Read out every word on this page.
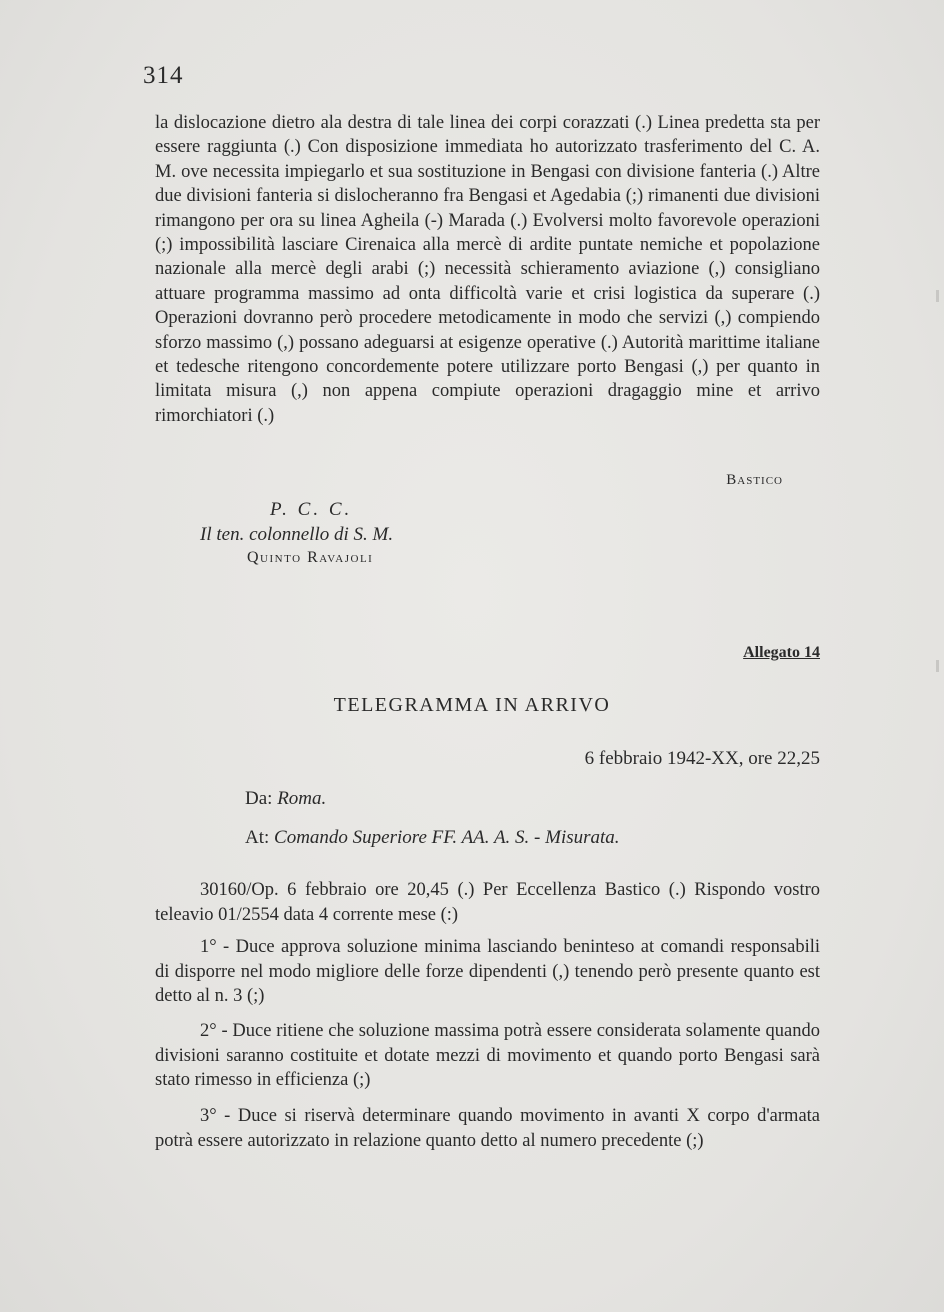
314

la dislocazione dietro ala destra di tale linea dei corpi corazzati (.) Linea predetta sta per essere raggiunta (.) Con disposizione immediata ho autorizzato trasferimento del C. A. M. ove necessita impiegarlo et sua sostituzione in Bengasi con divisione fanteria (.) Altre due divisioni fanteria si dislocheranno fra Bengasi et Agedabia (;) rimanenti due divisioni rimangono per ora su linea Agheila (-) Marada (.) Evolversi molto favorevole operazioni (;) impossibilità lasciare Cirenaica alla mercè di ardite puntate nemiche et popolazione nazionale alla mercè degli arabi (;) necessità schieramento aviazione (,) consigliano attuare programma massimo ad onta difficoltà varie et crisi logistica da superare (.) Operazioni dovranno però procedere metodicamente in modo che servizi (,) compiendo sforzo massimo (,) possano adeguarsi at esigenze operative (.) Autorità marittime italiane et tedesche ritengono concordemente potere utilizzare porto Bengasi (,) per quanto in limitata misura (,) non appena compiute operazioni dragaggio mine et arrivo rimorchiatori (.)

Bastico
P. C. C.
Il ten. colonnello di S. M.
Quinto Ravajoli
Allegato 14
TELEGRAMMA IN ARRIVO
6 febbraio 1942-XX, ore 22,25
Da: Roma.
At: Comando Superiore FF. AA. A. S. - Misurata.

30160/Op. 6 febbraio ore 20,45 (.) Per Eccellenza Bastico (.) Rispondo vostro teleavio 01/2554 data 4 corrente mese (:)

1° - Duce approva soluzione minima lasciando beninteso at comandi responsabili di disporre nel modo migliore delle forze dipendenti (,) tenendo però presente quanto est detto al n. 3 (;)

2° - Duce ritiene che soluzione massima potrà essere considerata solamente quando divisioni saranno costituite et dotate mezzi di movimento et quando porto Bengasi sarà stato rimesso in efficienza (;)

3° - Duce si riservà determinare quando movimento in avanti X corpo d'armata potrà essere autorizzato in relazione quanto detto al numero precedente (;)
